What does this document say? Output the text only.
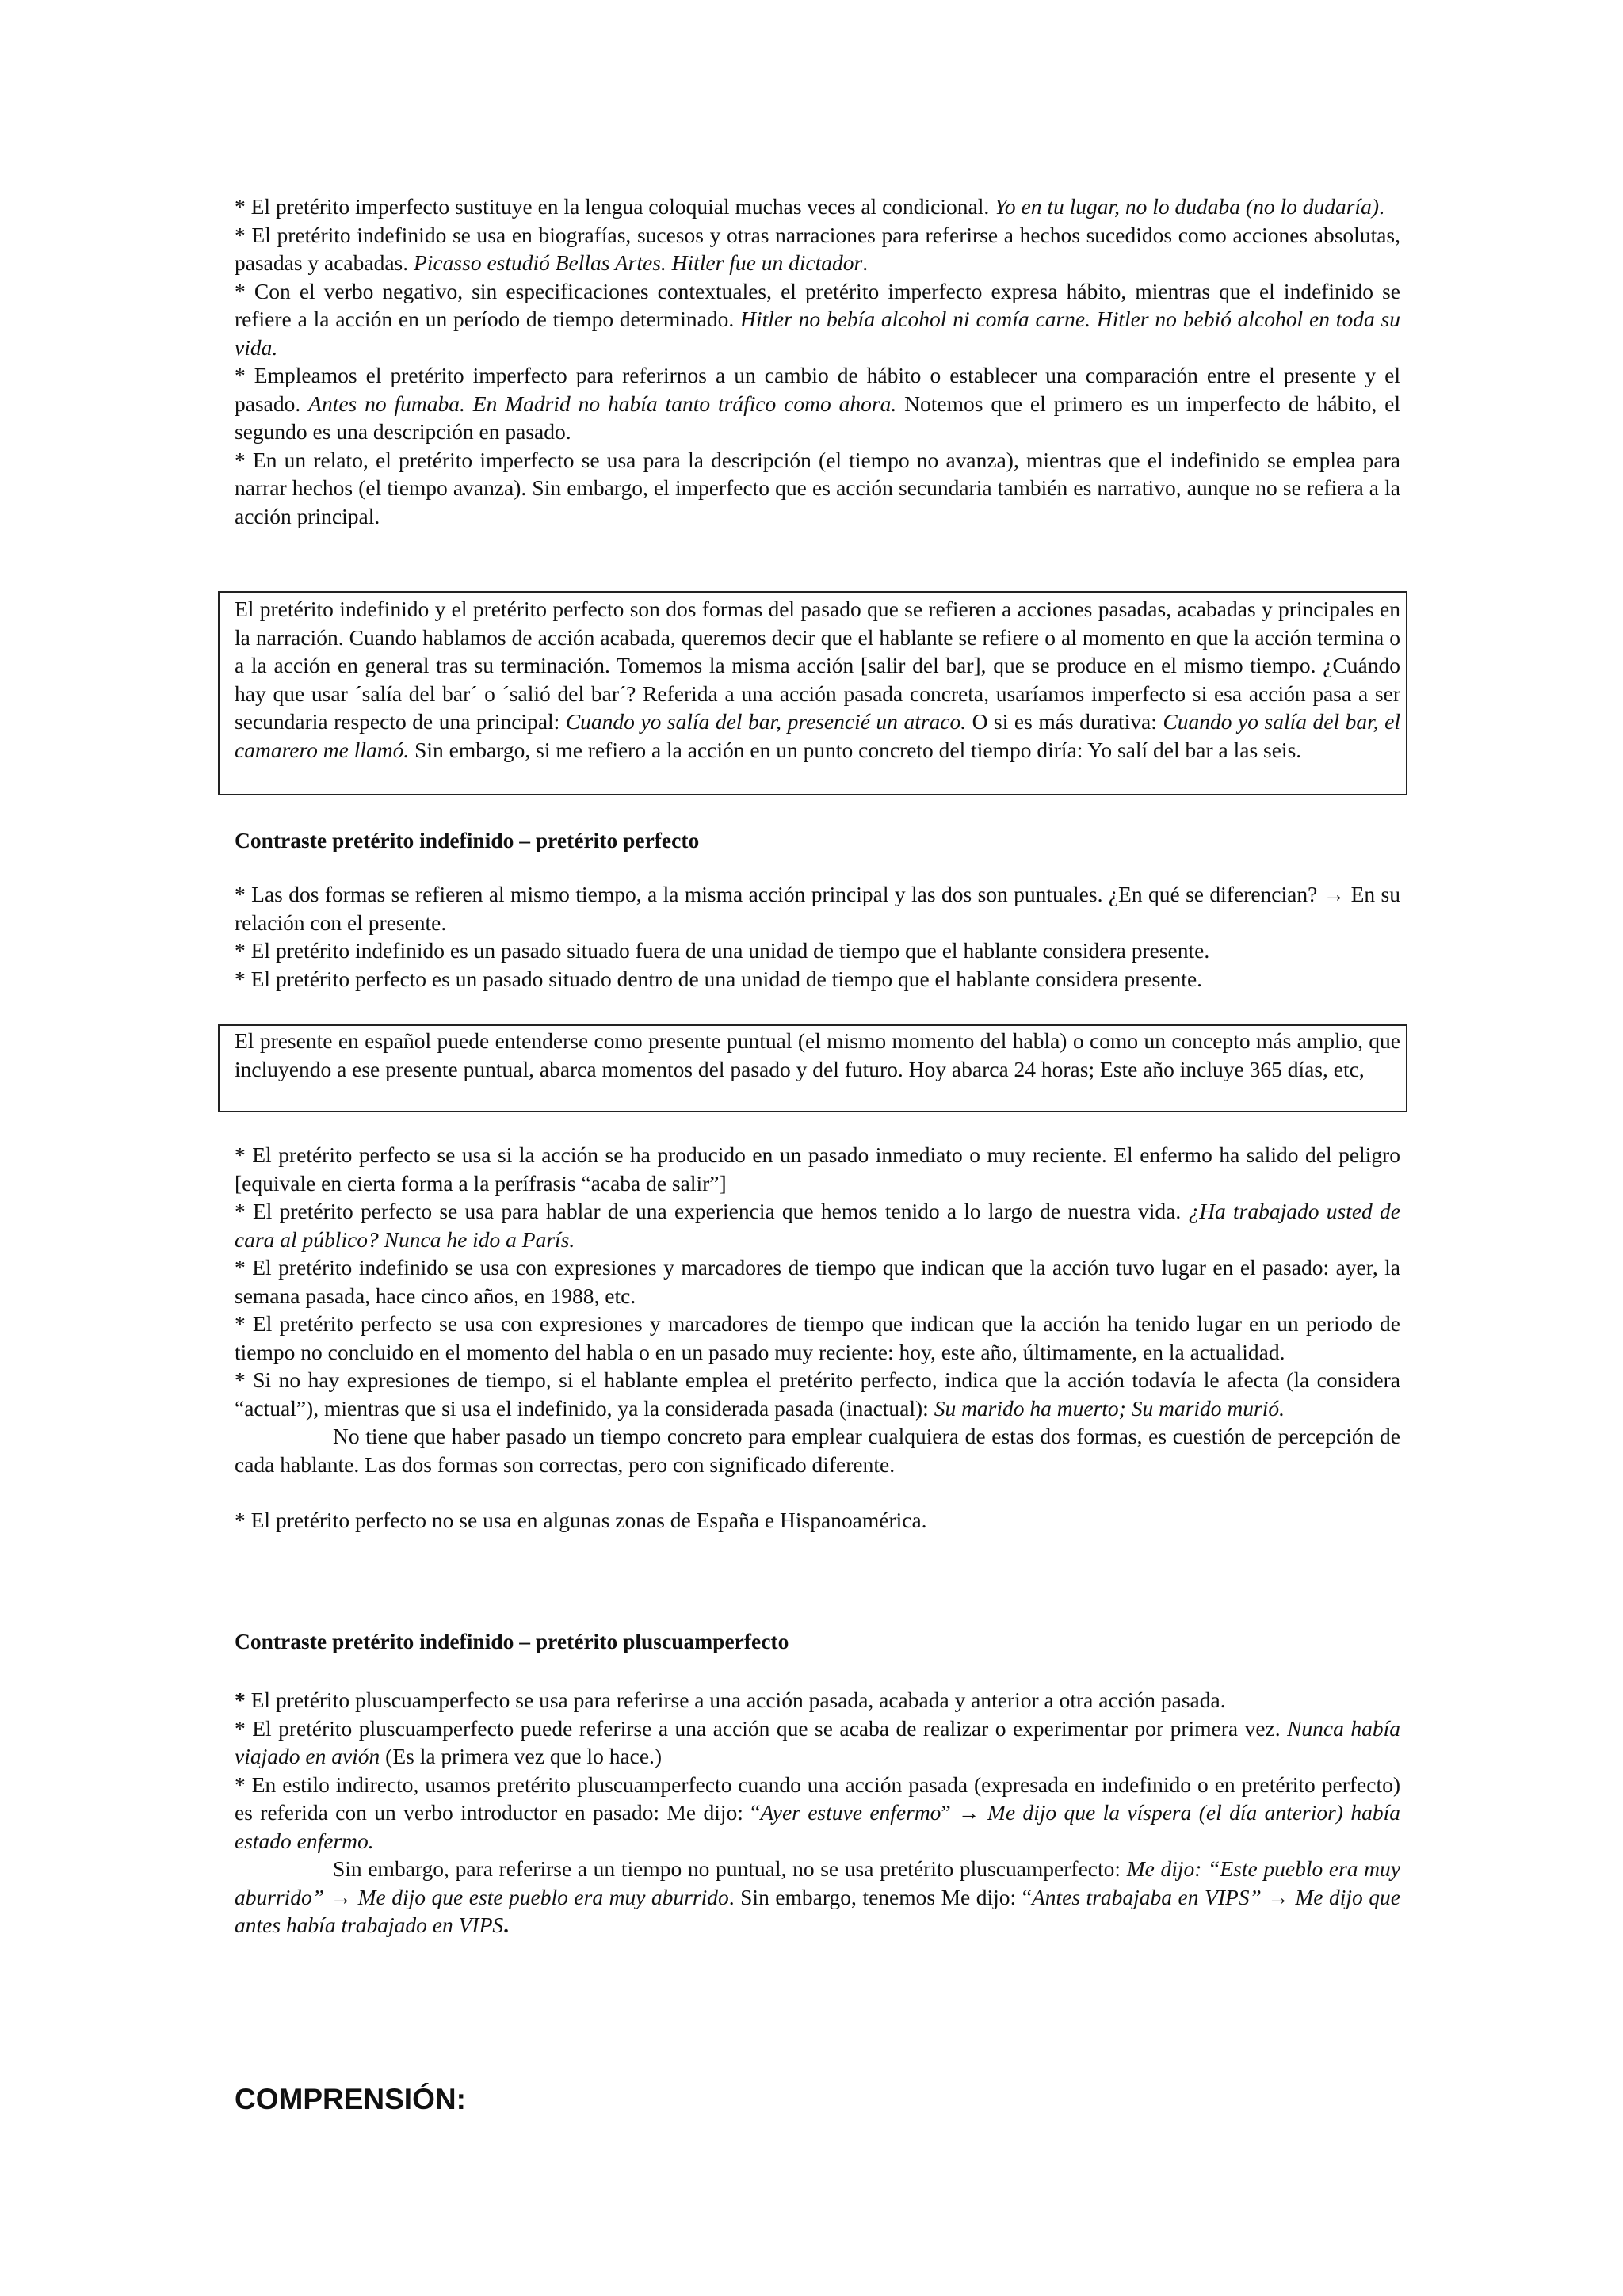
* El pretérito imperfecto sustituye en la lengua coloquial muchas veces al condicional. Yo en tu lugar, no lo dudaba (no lo dudaría).

* El pretérito indefinido se usa en biografías, sucesos y otras narraciones para referirse a hechos sucedidos como acciones absolutas, pasadas y acabadas. Picasso estudió Bellas Artes. Hitler fue un dictador.

* Con el verbo negativo, sin especificaciones contextuales, el pretérito imperfecto expresa hábito, mientras que el indefinido se refiere a la acción en un período de tiempo determinado. Hitler no bebía alcohol ni comía carne. Hitler no bebió alcohol en toda su vida.

* Empleamos el pretérito imperfecto para referirnos a un cambio de hábito o establecer una comparación entre el presente y el pasado. Antes no fumaba. En Madrid no había tanto tráfico como ahora. Notemos que el primero es un imperfecto de hábito, el segundo es una descripción en pasado.

* En un relato, el pretérito imperfecto se usa para la descripción (el tiempo no avanza), mientras que el indefinido se emplea para narrar hechos (el tiempo avanza). Sin embargo, el imperfecto que es acción secundaria también es narrativo, aunque no se refiera a la acción principal.

El pretérito indefinido y el pretérito perfecto son dos formas del pasado que se refieren a acciones pasadas, acabadas y principales en la narración. Cuando hablamos de acción acabada, queremos decir que el hablante se refiere o al momento en que la acción termina o a la acción en general tras su terminación. Tomemos la misma acción [salir del bar], que se produce en el mismo tiempo. ¿Cuándo hay que usar ´salía del bar´ o ´salió del bar´? Referida a una acción pasada concreta, usaríamos imperfecto si esa acción pasa a ser secundaria respecto de una principal: Cuando yo salía del bar, presencié un atraco. O si es más durativa: Cuando yo salía del bar, el camarero me llamó. Sin embargo, si me refiero a la acción en un punto concreto del tiempo diría: Yo salí del bar a las seis.

Contraste pretérito indefinido – pretérito perfecto

* Las dos formas se refieren al mismo tiempo, a la misma acción principal y las dos son puntuales. ¿En qué se diferencian? → En su relación con el presente.

* El pretérito indefinido es un pasado situado fuera de una unidad de tiempo que el hablante considera presente.

* El pretérito perfecto es un pasado situado dentro de una unidad de tiempo que el hablante considera presente.

El presente en español puede entenderse como presente puntual (el mismo momento del habla) o como un concepto más amplio, que incluyendo a ese presente puntual, abarca momentos del pasado y del futuro. Hoy abarca 24 horas; Este año incluye 365 días, etc,

* El pretérito perfecto se usa si la acción se ha producido en un pasado inmediato o muy reciente. El enfermo ha salido del peligro [equivale en cierta forma a la perífrasis “acaba de salir”]

* El pretérito perfecto se usa para hablar de una experiencia que hemos tenido a lo largo de nuestra vida. ¿Ha trabajado usted de cara al público? Nunca he ido a París.

* El pretérito indefinido se usa con expresiones y marcadores de tiempo que indican que la acción tuvo lugar en el pasado: ayer, la semana pasada, hace cinco años, en 1988, etc.

* El pretérito perfecto se usa con expresiones y marcadores de tiempo que indican que la acción ha tenido lugar en un periodo de tiempo no concluido en el momento del habla o en un pasado muy reciente: hoy, este año, últimamente, en la actualidad.

* Si no hay expresiones de tiempo, si el hablante emplea el pretérito perfecto, indica que la acción todavía le afecta (la considera “actual”), mientras que si usa el indefinido, ya la considerada pasada (inactual): Su marido ha muerto; Su marido murió.

No tiene que haber pasado un tiempo concreto para emplear cualquiera de estas dos formas, es cuestión de percepción de cada hablante. Las dos formas son correctas, pero con significado diferente.

* El pretérito perfecto no se usa en algunas zonas de España e Hispanoamérica.

Contraste pretérito indefinido – pretérito pluscuamperfecto

* El pretérito pluscuamperfecto se usa para referirse a una acción pasada, acabada y anterior a otra acción pasada.

* El pretérito pluscuamperfecto puede referirse a una acción que se acaba de realizar o experimentar por primera vez. Nunca había viajado en avión (Es la primera vez que lo hace.)

* En estilo indirecto, usamos pretérito pluscuamperfecto cuando una acción pasada (expresada en indefinido o en pretérito perfecto) es referida con un verbo introductor en pasado: Me dijo: “Ayer estuve enfermo” → Me dijo que la víspera (el día anterior) había estado enfermo.

Sin embargo, para referirse a un tiempo no puntual, no se usa pretérito pluscuamperfecto: Me dijo: “Este pueblo era muy aburrido” → Me dijo que este pueblo era muy aburrido. Sin embargo, tenemos Me dijo: “Antes trabajaba en VIPS” → Me dijo que antes había trabajado en VIPS.

COMPRENSIÓN:
